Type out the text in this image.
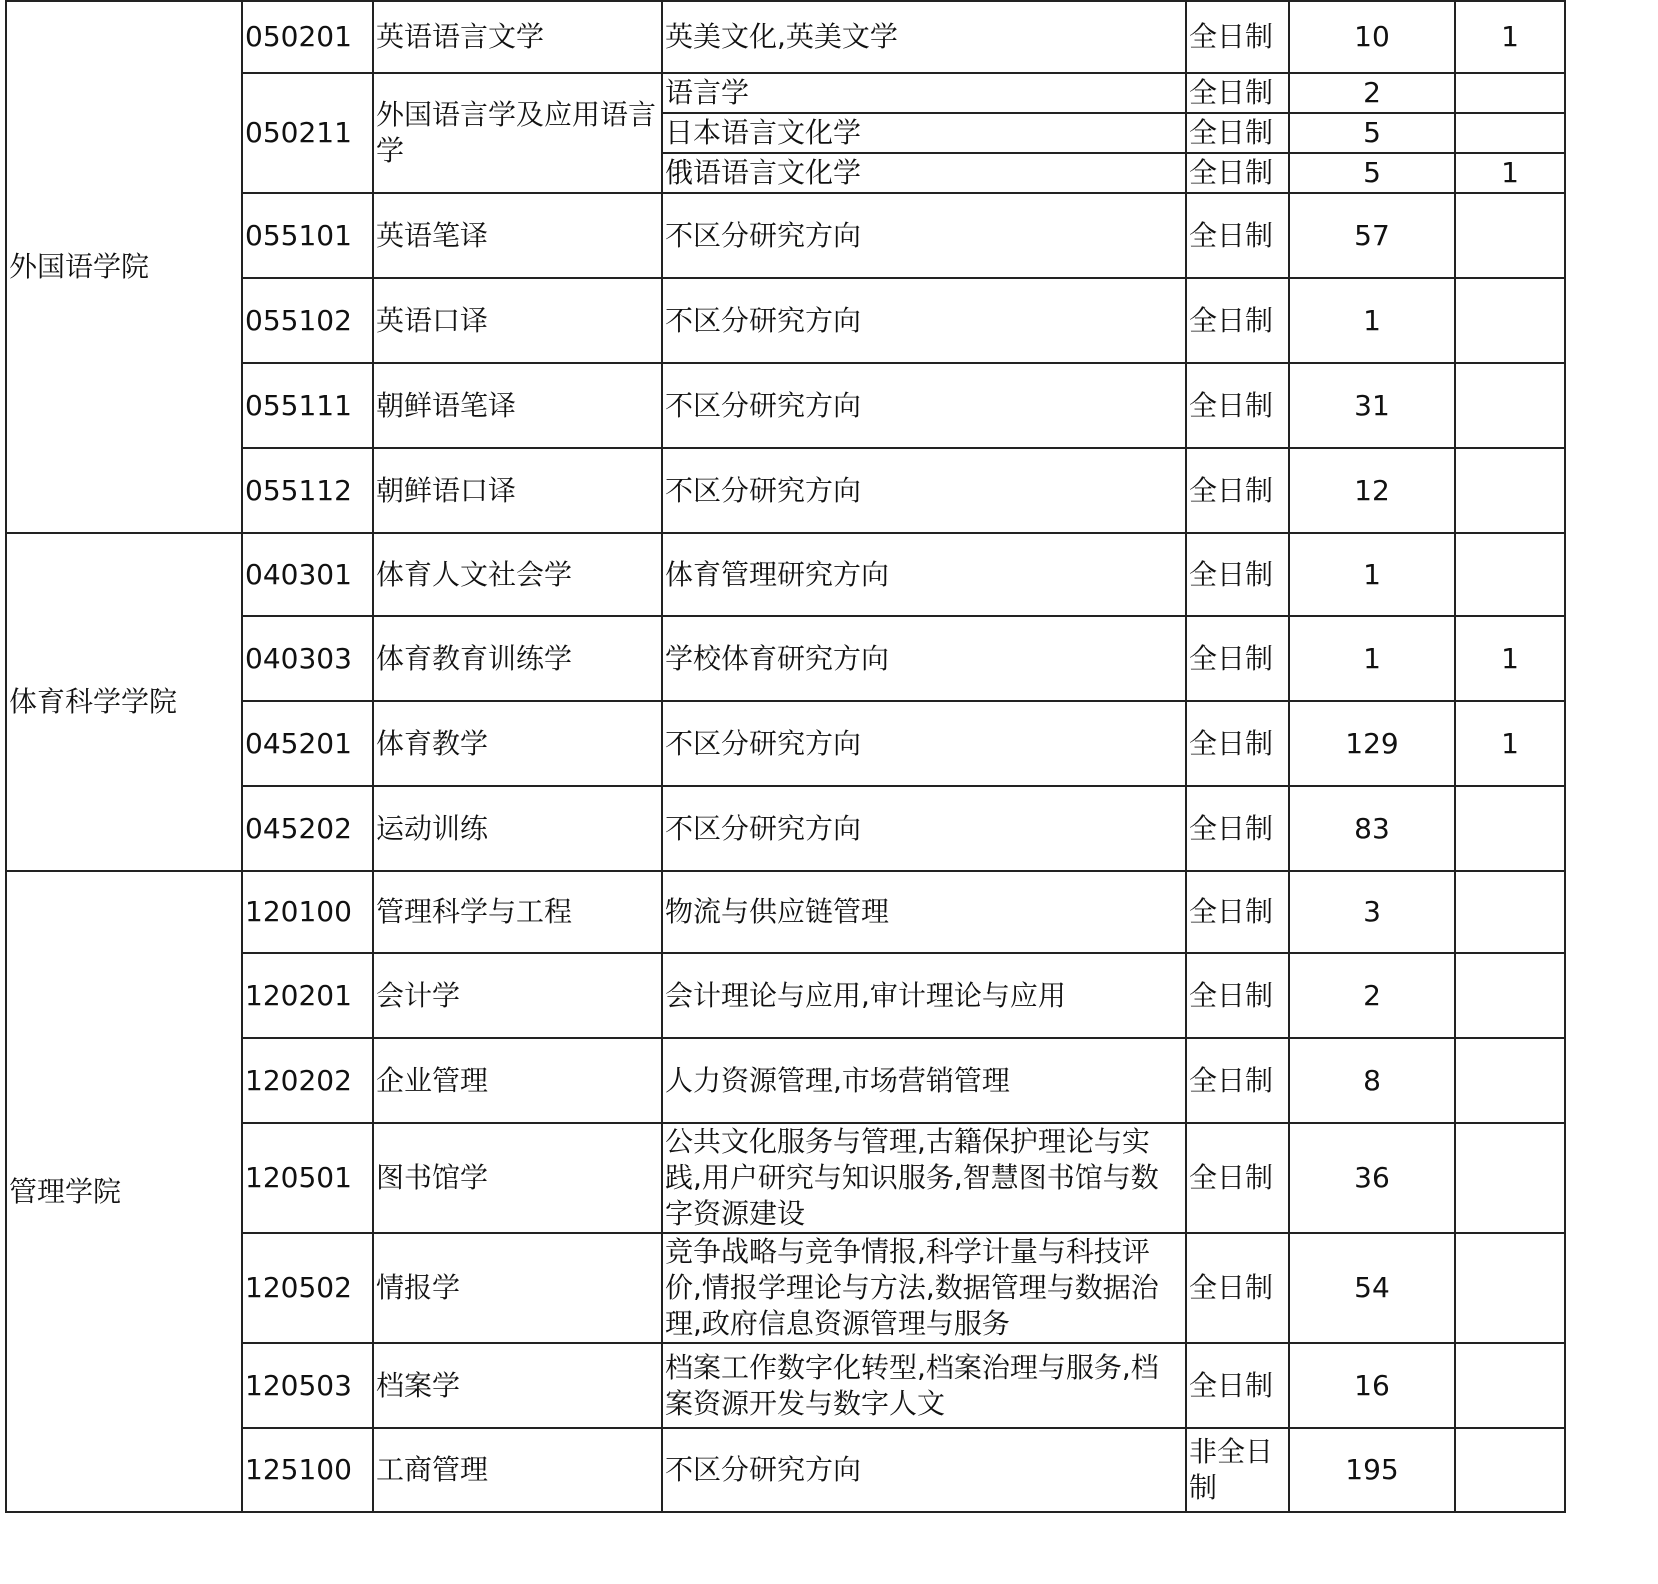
外国语学院	050201	英语语言文学	英美文化,英美文学	全日制	10	1
	050211	外国语言学及应用语言学	语言学	全日制	2	
			日本语言文化学	全日制	5	
			俄语语言文化学	全日制	5	1
	055101	英语笔译	不区分研究方向	全日制	57	
	055102	英语口译	不区分研究方向	全日制	1	
	055111	朝鲜语笔译	不区分研究方向	全日制	31	
	055112	朝鲜语口译	不区分研究方向	全日制	12	
体育科学学院	040301	体育人文社会学	体育管理研究方向	全日制	1	
	040303	体育教育训练学	学校体育研究方向	全日制	1	1
	045201	体育教学	不区分研究方向	全日制	129	1
	045202	运动训练	不区分研究方向	全日制	83	
管理学院	120100	管理科学与工程	物流与供应链管理	全日制	3	
	120201	会计学	会计理论与应用,审计理论与应用	全日制	2	
	120202	企业管理	人力资源管理,市场营销管理	全日制	8	
	120501	图书馆学	公共文化服务与管理,古籍保护理论与实践,用户研究与知识服务,智慧图书馆与数字资源建设	全日制	36	
	120502	情报学	竞争战略与竞争情报,科学计量与科技评价,情报学理论与方法,数据管理与数据治理,政府信息资源管理与服务	全日制	54	
	120503	档案学	档案工作数字化转型,档案治理与服务,档案资源开发与数字人文	全日制	16	
	125100	工商管理	不区分研究方向	非全日制	195	
